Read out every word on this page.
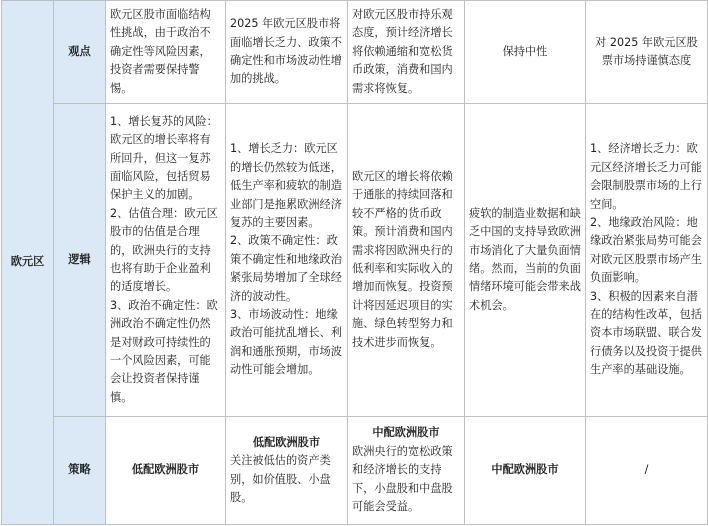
欧元区	观点	欧元区股市面临结构性挑战，由于政治不确定性等风险因素，投资者需要保持警惕。	2025 年欧元区股市将面临增长乏力、政策不确定性和市场波动性增加的挑战。	对欧元区股市持乐观态度，预计经济增长将依赖通缩和宽松货币政策，消费和国内需求将恢复。	保持中性	对 2025 年欧元区股票市场持谨慎态度
	逻辑	1、增长复苏的风险：
欧元区的增长率将有所回升，但这一复苏面临风险，包括贸易保护主义的加剧。
2、估值合理：欧元区股市的估值是合理的，欧洲央行的支持也将有助于企业盈利的适度增长。
3、政治不确定性：欧洲政治不确定性仍然是对财政可持续性的一个风险因素，可能会让投资者保持谨慎。	1、增长乏力：欧元区的增长仍然较为低迷，低生产率和疲软的制造业部门是拖累欧洲经济复苏的主要因素。
2、政策不确定性：政策不确定性和地缘政治紧张局势增加了全球经济的波动性。
3、市场波动性：地缘政治可能扰乱增长、利润和通胀预期，市场波动性可能会增加。	欧元区的增长将依赖于通胀的持续回落和较不严格的货币政策。预计消费和国内需求将因欧洲央行的低利率和实际收入的增加而恢复。投资预计将因延迟项目的实施、绿色转型努力和技术进步而恢复。	疲软的制造业数据和缺乏中国的支持导致欧洲市场消化了大量负面情绪。然而，当前的负面情绪环境可能会带来战术机会。	1、经济增长乏力：欧元区经济增长乏力可能会限制股票市场的上行空间。
2、地缘政治风险：地缘政治紧张局势可能会对欧元区股票市场产生负面影响。
3、积极的因素来自潜在的结构性改革，包括资本市场联盟、联合发行债务以及投资于提供生产率的基础设施。

	策略	低配欧洲股市	低配欧洲股市
关注被低估的资产类别，如价值股、小盘股。	中配欧洲股市
欧洲央行的宽松政策和经济增长的支持下，小盘股和中盘股可能会受益。	中配欧洲股市	/
